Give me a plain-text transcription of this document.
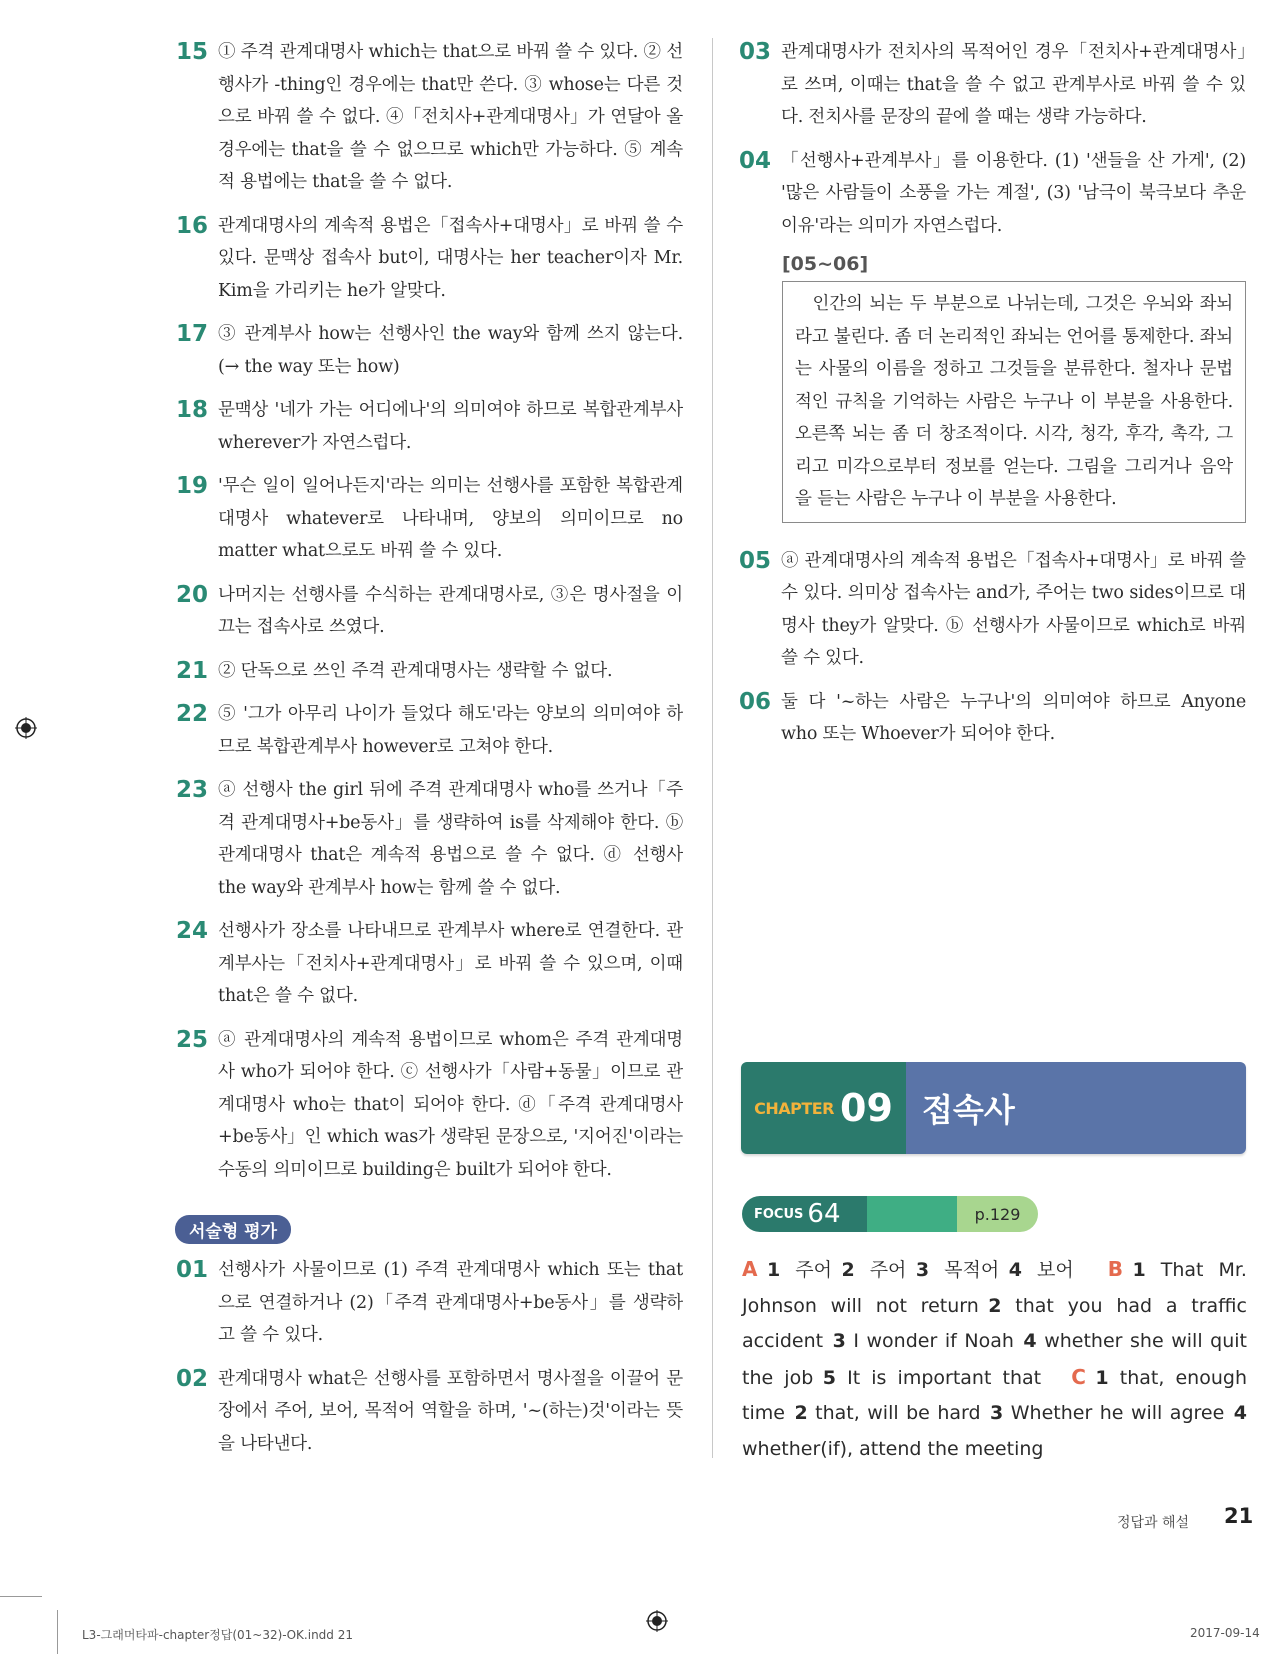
15 ① 주격 관계대명사 which는 that으로 바꿔 쓸 수 있다. ② 선행사가 -thing인 경우에는 that만 쓴다. ③ whose는 다른 것으로 바꿔 쓸 수 없다. ④「전치사+관계대명사」가 연달아 올 경우에는 that을 쓸 수 없으므로 which만 가능하다. ⑤ 계속적 용법에는 that을 쓸 수 없다.
16 관계대명사의 계속적 용법은「접속사+대명사」로 바꿔 쓸 수 있다. 문맥상 접속사 but이, 대명사는 her teacher이자 Mr. Kim을 가리키는 he가 알맞다.
17 ③ 관계부사 how는 선행사인 the way와 함께 쓰지 않는다. (→ the way 또는 how)
18 문맥상 '네가 가는 어디에나'의 의미여야 하므로 복합관계부사 wherever가 자연스럽다.
19 '무슨 일이 일어나든지'라는 의미는 선행사를 포함한 복합관계대명사 whatever로 나타내며, 양보의 의미이므로 no matter what으로도 바꿔 쓸 수 있다.
20 나머지는 선행사를 수식하는 관계대명사로, ③은 명사절을 이끄는 접속사로 쓰였다.
21 ② 단독으로 쓰인 주격 관계대명사는 생략할 수 없다.
22 ⑤ '그가 아무리 나이가 들었다 해도'라는 양보의 의미여야 하므로 복합관계부사 however로 고쳐야 한다.
23 ⓐ 선행사 the girl 뒤에 주격 관계대명사 who를 쓰거나「주격 관계대명사+be동사」를 생략하여 is를 삭제해야 한다. ⓑ 관계대명사 that은 계속적 용법으로 쓸 수 없다. ⓓ 선행사 the way와 관계부사 how는 함께 쓸 수 없다.
24 선행사가 장소를 나타내므로 관계부사 where로 연결한다. 관계부사는「전치사+관계대명사」로 바꿔 쓸 수 있으며, 이때 that은 쓸 수 없다.
25 ⓐ 관계대명사의 계속적 용법이므로 whom은 주격 관계대명사 who가 되어야 한다. ⓒ 선행사가「사람+동물」이므로 관계대명사 who는 that이 되어야 한다. ⓓ「주격 관계대명사+be동사」인 which was가 생략된 문장으로, '지어진'이라는 수동의 의미이므로 building은 built가 되어야 한다.
서술형 평가
01 선행사가 사물이므로 (1) 주격 관계대명사 which 또는 that으로 연결하거나 (2)「주격 관계대명사+be동사」를 생략하고 쓸 수 있다.
02 관계대명사 what은 선행사를 포함하면서 명사절을 이끌어 문장에서 주어, 보어, 목적어 역할을 하며, '~(하는)것'이라는 뜻을 나타낸다.
03 관계대명사가 전치사의 목적어인 경우「전치사+관계대명사」로 쓰며, 이때는 that을 쓸 수 없고 관계부사로 바꿔 쓸 수 있다. 전치사를 문장의 끝에 쓸 때는 생략 가능하다.
04 「선행사+관계부사」를 이용한다. (1) '샌들을 산 가게', (2) '많은 사람들이 소풍을 가는 계절', (3) '남극이 북극보다 추운 이유'라는 의미가 자연스럽다.
[05~06]
인간의 뇌는 두 부분으로 나뉘는데, 그것은 우뇌와 좌뇌라고 불린다. 좀 더 논리적인 좌뇌는 언어를 통제한다. 좌뇌는 사물의 이름을 정하고 그것들을 분류한다. 철자나 문법적인 규칙을 기억하는 사람은 누구나 이 부분을 사용한다. 오른쪽 뇌는 좀 더 창조적이다. 시각, 청각, 후각, 촉각, 그리고 미각으로부터 정보를 얻는다. 그림을 그리거나 음악을 듣는 사람은 누구나 이 부분을 사용한다.
05 ⓐ 관계대명사의 계속적 용법은「접속사+대명사」로 바꿔 쓸 수 있다. 의미상 접속사는 and가, 주어는 two sides이므로 대명사 they가 알맞다. ⓑ 선행사가 사물이므로 which로 바꿔 쓸 수 있다.
06 둘 다 '~하는 사람은 누구나'의 의미여야 하므로 Anyone who 또는 Whoever가 되어야 한다.
CHAPTER 09 접속사
FOCUS 64	p.129
A  1 주어  2 주어  3 목적어  4 보어  B  1 That Mr. Johnson will not return  2 that you had a traffic accident  3 I wonder if Noah  4 whether she will quit the job  5 It is important that  C  1 that, enough time  2 that, will be hard  3 Whether he will agree  4 whether(if), attend the meeting
정답과 해설 21
L3-그래머타파-chapter정답(01~32)-OK.indd 21	2017-09-14
